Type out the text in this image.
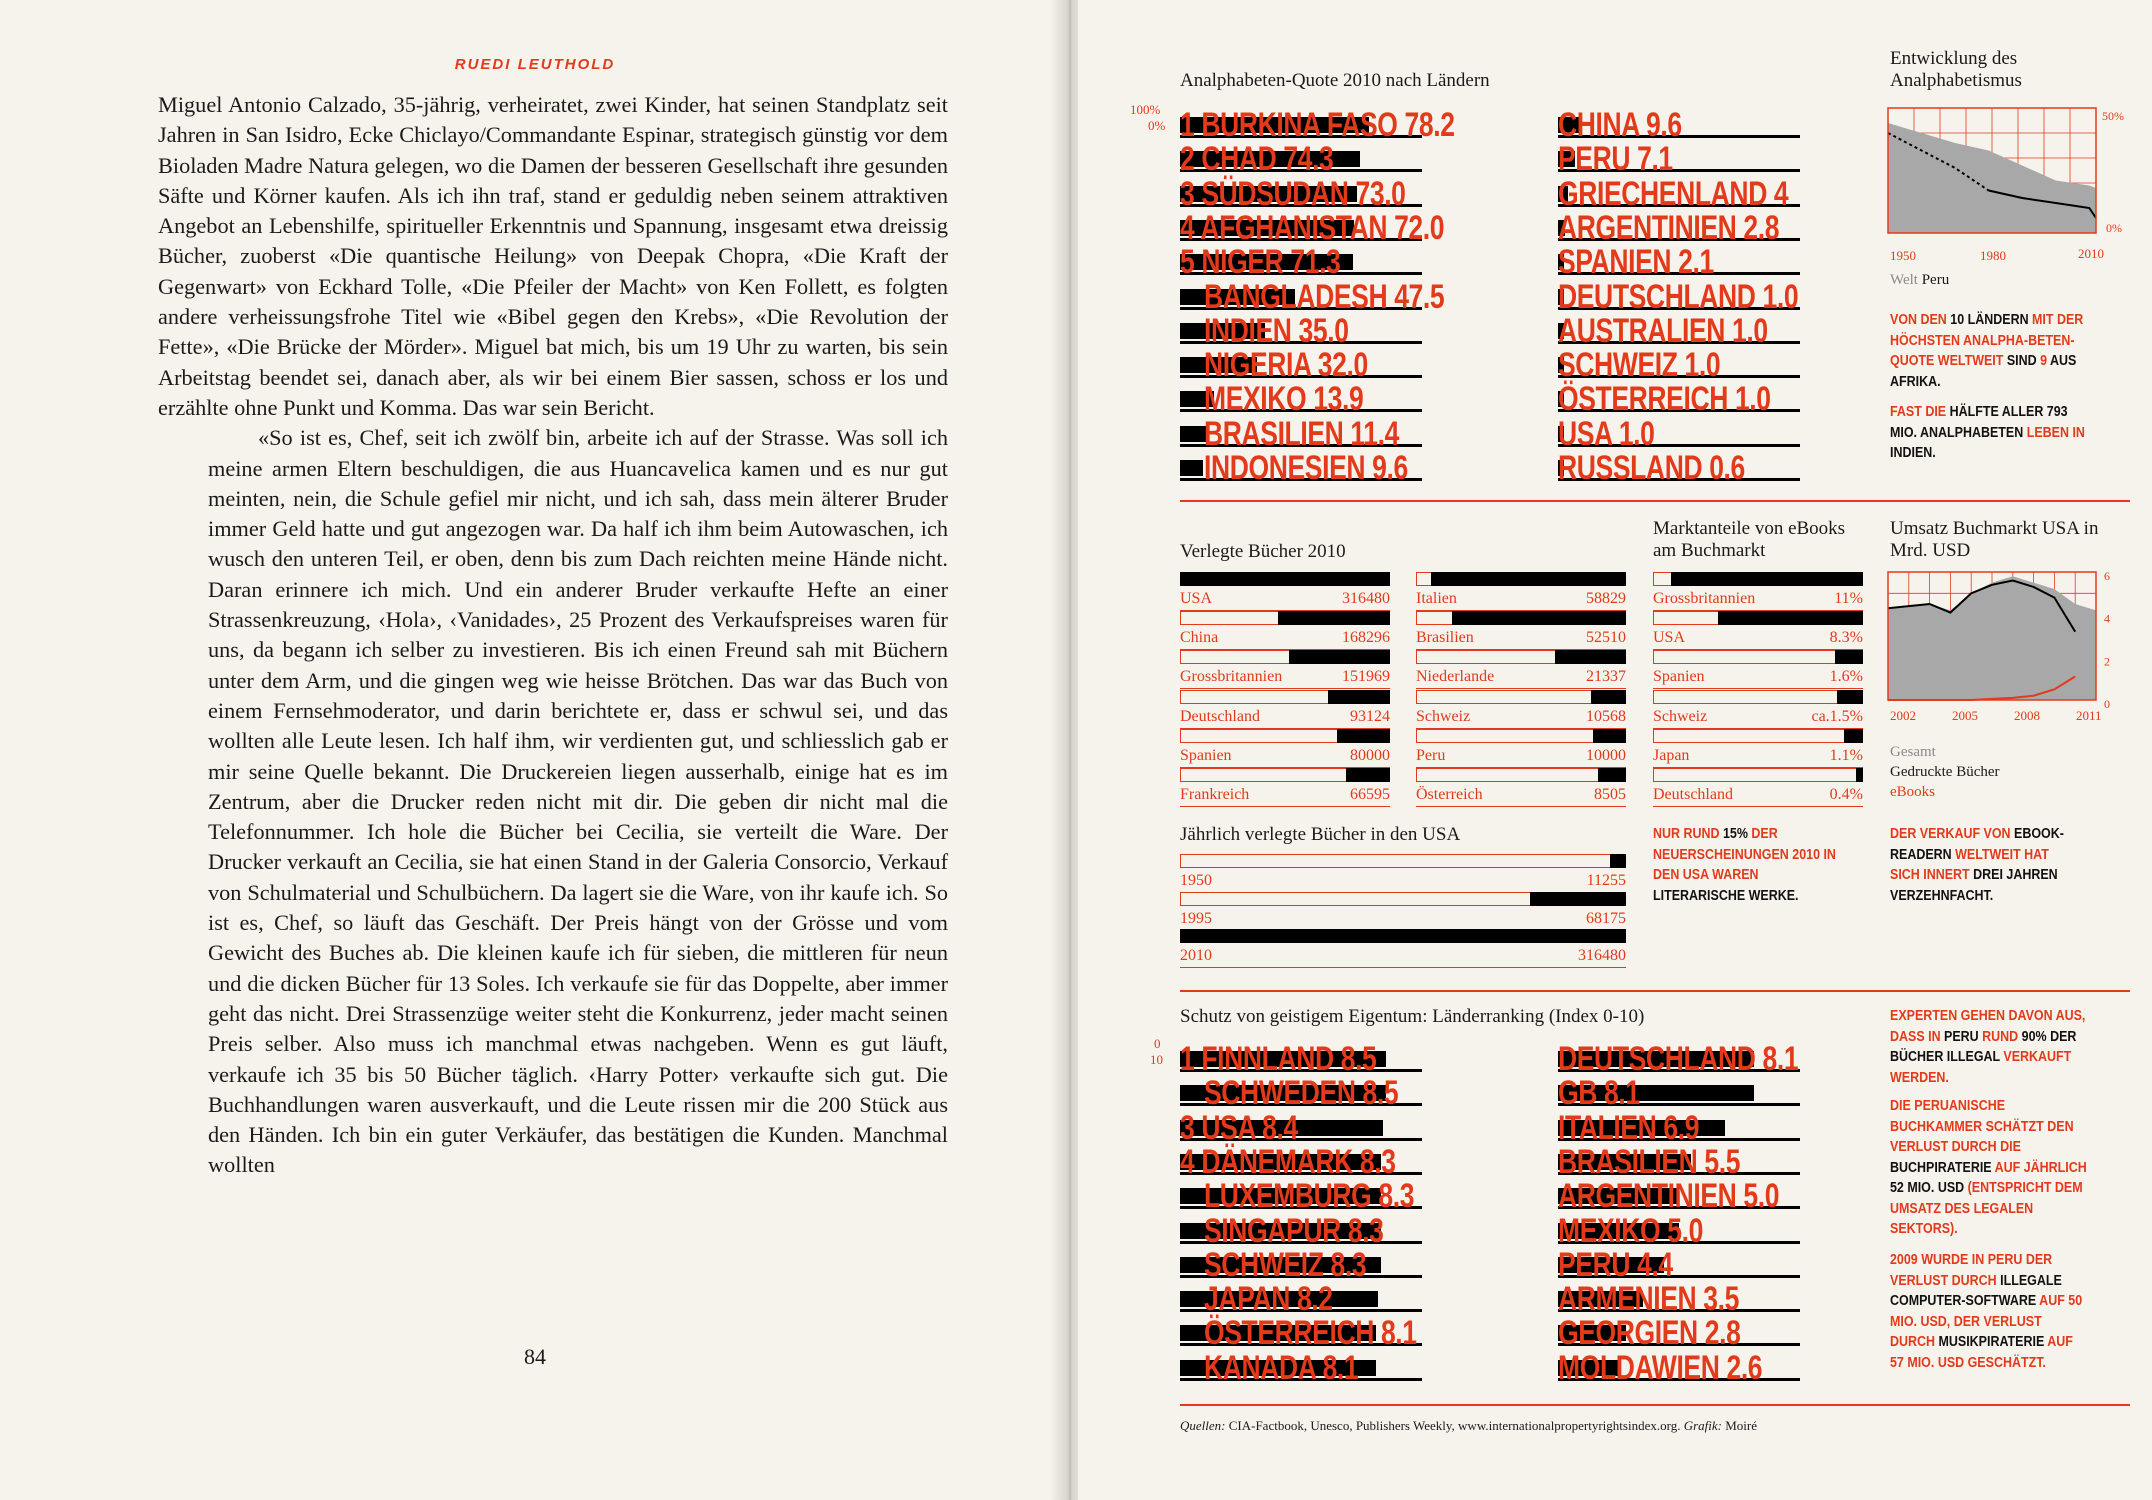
RUEDI LEUTHOLD

Miguel Antonio Calzado, 35-jährig, verheiratet, zwei Kinder, hat seinen Standplatz seit Jahren in San Isidro, Ecke Chiclayo/Commandante Espinar, strategisch günstig vor dem Bioladen Madre Natura gelegen, wo die Damen der besseren Gesellschaft ihre gesunden Säfte und Körner kaufen. Als ich ihn traf, stand er geduldig neben seinem attraktiven Angebot an Lebenshilfe, spiritueller Erkenntnis und Spannung, insgesamt etwa dreissig Bücher, zuoberst «Die quantische Heilung» von Deepak Chopra, «Die Kraft der Gegenwart» von Eckhard Tolle, «Die Pfeiler der Macht» von Ken Follett, es folgten andere verheissungsfrohe Titel wie «Bibel gegen den Krebs», «Die Revolution der Fette», «Die Brücke der Mörder». Miguel bat mich, bis um 19 Uhr zu warten, bis sein Arbeitstag beendet sei, danach aber, als wir bei einem Bier sassen, schoss er los und erzählte ohne Punkt und Komma. Das war sein Bericht.

«So ist es, Chef, seit ich zwölf bin, arbeite ich auf der Strasse. Was soll ich meine armen Eltern beschuldigen, die aus Huancavelica kamen und es nur gut meinten, nein, die Schule gefiel mir nicht, und ich sah, dass mein älterer Bruder immer Geld hatte und gut angezogen war. Da half ich ihm beim Autowaschen, ich wusch den unteren Teil, er oben, denn bis zum Dach reichten meine Hände nicht. Daran erinnere ich mich. Und ein anderer Bruder verkaufte Hefte an einer Strassenkreuzung, ‹Hola›, ‹Vanidades›, 25 Prozent des Verkaufspreises waren für uns, da begann ich selber zu investieren. Bis ich einen Freund sah mit Büchern unter dem Arm, und die gingen weg wie heisse Brötchen. Das war das Buch von einem Fernsehmoderator, und darin berichtete er, dass er schwul sei, und das wollten alle Leute lesen. Ich half ihm, wir verdienten gut, und schliesslich gab er mir seine Quelle bekannt. Die Druckereien liegen ausserhalb, einige hat es im Zentrum, aber die Drucker reden nicht mit dir. Die geben dir nicht mal die Telefonnummer. Ich hole die Bücher bei Cecilia, sie verteilt die Ware. Der Drucker verkauft an Cecilia, sie hat einen Stand in der Galeria Consorcio, Verkauf von Schulmaterial und Schulbüchern. Da lagert sie die Ware, von ihr kaufe ich. So ist es, Chef, so läuft das Geschäft. Der Preis hängt von der Grösse und vom Gewicht des Buches ab. Die kleinen kaufe ich für sieben, die mittleren für neun und die dicken Bücher für 13 Soles. Ich verkaufe sie für das Doppelte, aber immer geht das nicht. Drei Strassenzüge weiter steht die Konkurrenz, jeder macht seinen Preis selber. Also muss ich manchmal etwas nachgeben. Wenn es gut läuft, verkaufe ich 35 bis 50 Bücher täglich. ‹Harry Potter› verkaufte sich gut. Die Buchhandlungen waren ausverkauft, und die Leute rissen mir die 200 Stück aus den Händen. Ich bin ein guter Verkäufer, das bestätigen die Kunden. Manchmal wollten

84
Analphabeten-Quote 2010 nach Ländern
100%
0% 1 BURKINA FASO 78.2
2 CHAD 74.3
3 SÜDSUDAN 73.0
4 AFGHANISTAN 72.0
5 NIGER 71.3
BANGLADESH 47.5
INDIEN 35.0
NIGERIA 32.0
MEXIKO 13.9
BRASILIEN 11.4
INDONESIEN 9.6
CHINA 9.6
PERU 7.1
GRIECHENLAND 4
ARGENTINIEN 2.8
SPANIEN 2.1
DEUTSCHLAND 1.0
AUSTRALIEN 1.0
SCHWEIZ 1.0
ÖSTERREICH 1.0
USA 1.0
RUSSLAND 0.6
Entwicklung des Analphabetismus
50%
0%
1950	1980	2010
Welt Peru
VON DEN 10 LÄNDERN MIT DER HÖCHSTEN ANALPHA-BETEN-QUOTE WELTWEIT SIND 9 AUS AFRIKA.
FAST DIE HÄLFTE ALLER 793 MIO. ANALPHABETEN LEBEN IN INDIEN.
Verlegte Bücher 2010
USA	316480
China	168296
Grossbritannien	151969
Deutschland	93124
Spanien	80000
Frankreich	66595
Italien	58829
Brasilien	52510
Niederlande	21337
Schweiz	10568
Peru	10000
Österreich	8505
Jährlich verlegte Bücher in den USA
1950	11255
1995	68175
2010	316480
Marktanteile von eBooks am Buchmarkt
Grossbritannien	11%
USA	8.3%
Spanien	1.6%
Schweiz	ca.1.5%
Japan	1.1%
Deutschland	0.4%
NUR RUND 15% DER NEUERSCHEINUNGEN 2010 IN DEN USA WAREN LITERARISCHE WERKE.
Umsatz Buchmarkt USA in Mrd. USD
6
4
2
0
2002	2005	2008	2011
Gesamt
Gedruckte Bücher
eBooks
DER VERKAUF VON EBOOK-READERN WELTWEIT HAT SICH INNERT DREI JAHREN VERZEHNFACHT.
Schutz von geistigem Eigentum: Länderranking (Index 0-10)
0
10 1 FINNLAND 8.5
SCHWEDEN 8.5
3 USA 8.4
4 DÄNEMARK 8.3
LUXEMBURG 8.3
SINGAPUR 8.3
SCHWEIZ 8.3
JAPAN 8.2
ÖSTERREICH 8.1
KANADA 8.1
DEUTSCHLAND 8.1
GB 8.1
ITALIEN 6.9
BRASILIEN 5.5
ARGENTINIEN 5.0
MEXIKO 5.0
PERU 4.4
ARMENIEN 3.5
GEORGIEN 2.8
MOLDAWIEN 2.6
EXPERTEN GEHEN DAVON AUS, DASS IN PERU RUND 90% DER BÜCHER ILLEGAL VERKAUFT WERDEN.
DIE PERUANISCHE BUCHKAMMER SCHÄTZT DEN VERLUST DURCH DIE BUCHPIRATERIE AUF JÄHRLICH 52 MIO. USD (ENTSPRICHT DEM UMSATZ DES LEGALEN SEKTORS).
2009 WURDE IN PERU DER VERLUST DURCH ILLEGALE COMPUTER-SOFTWARE AUF 50 MIO. USD, DER VERLUST DURCH MUSIKPIRATERIE AUF 57 MIO. USD GESCHÄTZT.
Quellen: CIA-Factbook, Unesco, Publishers Weekly, www.internationalpropertyrightsindex.org. Grafik: Moiré
